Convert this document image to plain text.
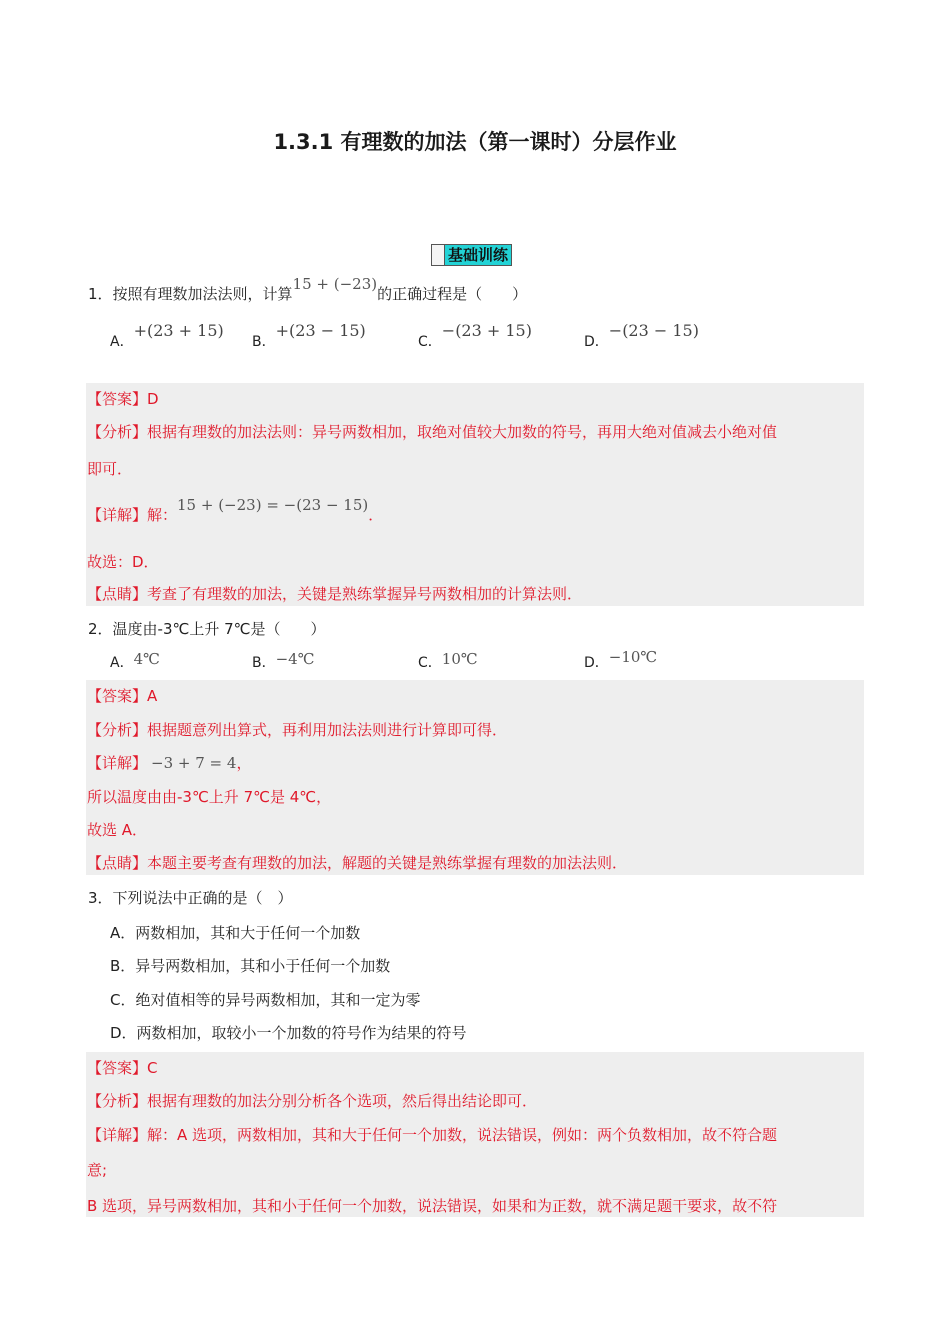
1.3.1 有理数的加法（第一课时）分层作业
基础训练
1．按照有理数加法法则，计算15 + (−23)的正确过程是（　　）
A．+(23 + 15)
B．+(23 − 15)
C．−(23 + 15)
D．−(23 − 15)
【答案】D
【分析】根据有理数的加法法则：异号两数相加，取绝对值较大加数的符号，再用大绝对值减去小绝对值
即可．
【详解】解：15 + (−23) = −(23 − 15)．
故选：D．
【点睛】考查了有理数的加法，关键是熟练掌握异号两数相加的计算法则．
2．温度由-3℃上升 7℃是（　　）
A．4℃	B．−4℃	C．10℃	D．−10℃
【答案】A
【分析】根据题意列出算式，再利用加法法则进行计算即可得．
【详解】 −3 + 7 = 4，
所以温度由由-3℃上升 7℃是 4℃，
故选 A．
【点睛】本题主要考查有理数的加法，解题的关键是熟练掌握有理数的加法法则．
3．下列说法中正确的是（　）
A．两数相加，其和大于任何一个加数
B．异号两数相加，其和小于任何一个加数
C．绝对值相等的异号两数相加，其和一定为零
D．两数相加，取较小一个加数的符号作为结果的符号
【答案】C
【分析】根据有理数的加法分别分析各个选项，然后得出结论即可．
【详解】解：A 选项，两数相加，其和大于任何一个加数，说法错误，例如：两个负数相加，故不符合题
意;
B 选项，异号两数相加，其和小于任何一个加数，说法错误，如果和为正数，就不满足题干要求，故不符
